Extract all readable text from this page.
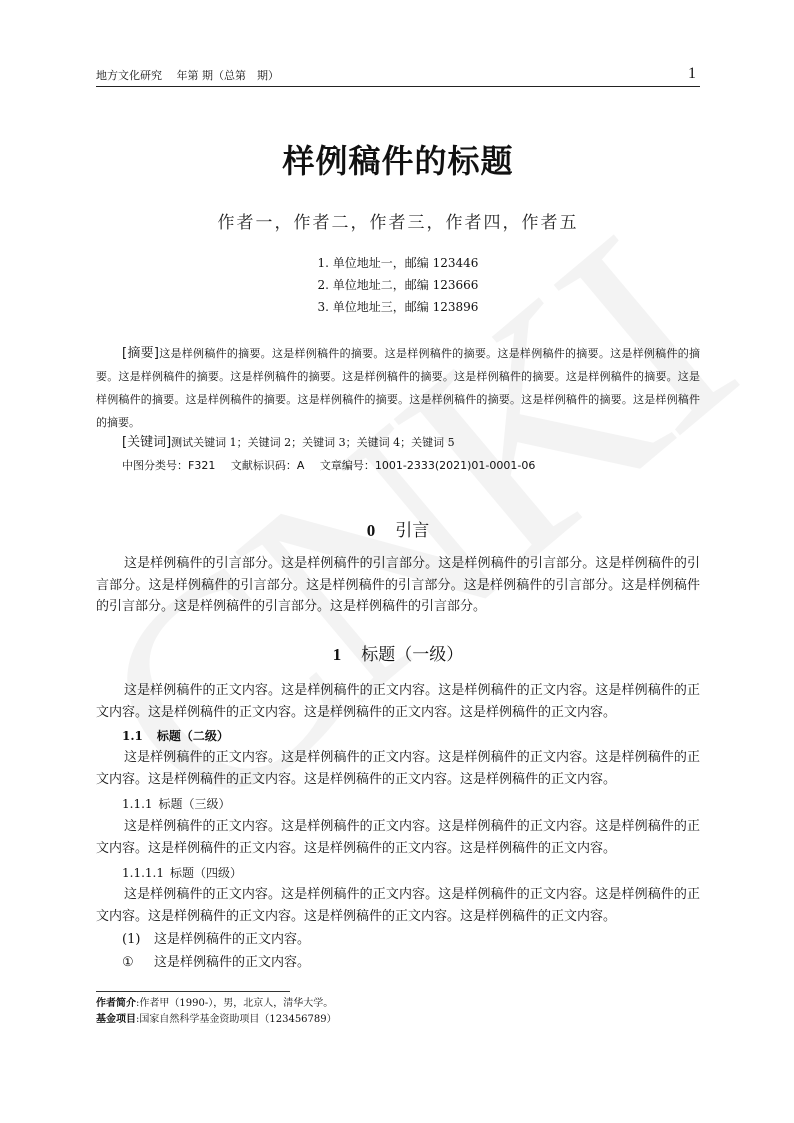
地方文化研究　 年第 期（总第　期）	1
样例稿件的标题
作者一，作者二，作者三，作者四，作者五
1. 单位地址一，邮编 123446
2. 单位地址二，邮编 123666
3. 单位地址三，邮编 123896
[摘要]这是样例稿件的摘要。这是样例稿件的摘要。这是样例稿件的摘要。这是样例稿件的摘要。这是样例稿件的摘要。这是样例稿件的摘要。这是样例稿件的摘要。这是样例稿件的摘要。这是样例稿件的摘要。这是样例稿件的摘要。这是样例稿件的摘要。这是样例稿件的摘要。这是样例稿件的摘要。这是样例稿件的摘要。这是样例稿件的摘要。这是样例稿件的摘要。
[关键词]测试关键词 1；关键词 2；关键词 3；关键词 4；关键词 5
中图分类号：F321 文献标识码：A 文章编号：1001-2333(2021)01-0001-06
0 引言
这是样例稿件的引言部分。这是样例稿件的引言部分。这是样例稿件的引言部分。这是样例稿件的引言部分。这是样例稿件的引言部分。这是样例稿件的引言部分。这是样例稿件的引言部分。这是样例稿件的引言部分。这是样例稿件的引言部分。这是样例稿件的引言部分。
1 标题（一级）
这是样例稿件的正文内容。这是样例稿件的正文内容。这是样例稿件的正文内容。这是样例稿件的正文内容。这是样例稿件的正文内容。这是样例稿件的正文内容。这是样例稿件的正文内容。
1.1 标题（二级）
这是样例稿件的正文内容。这是样例稿件的正文内容。这是样例稿件的正文内容。这是样例稿件的正文内容。这是样例稿件的正文内容。这是样例稿件的正文内容。这是样例稿件的正文内容。
1.1.1 标题（三级）
这是样例稿件的正文内容。这是样例稿件的正文内容。这是样例稿件的正文内容。这是样例稿件的正文内容。这是样例稿件的正文内容。这是样例稿件的正文内容。这是样例稿件的正文内容。
1.1.1.1 标题（四级）
这是样例稿件的正文内容。这是样例稿件的正文内容。这是样例稿件的正文内容。这是样例稿件的正文内容。这是样例稿件的正文内容。这是样例稿件的正文内容。这是样例稿件的正文内容。
(1) 这是样例稿件的正文内容。
① 这是样例稿件的正文内容。
作者简介:作者甲（1990-），男，北京人，清华大学。
基金项目:国家自然科学基金资助项目（123456789）
